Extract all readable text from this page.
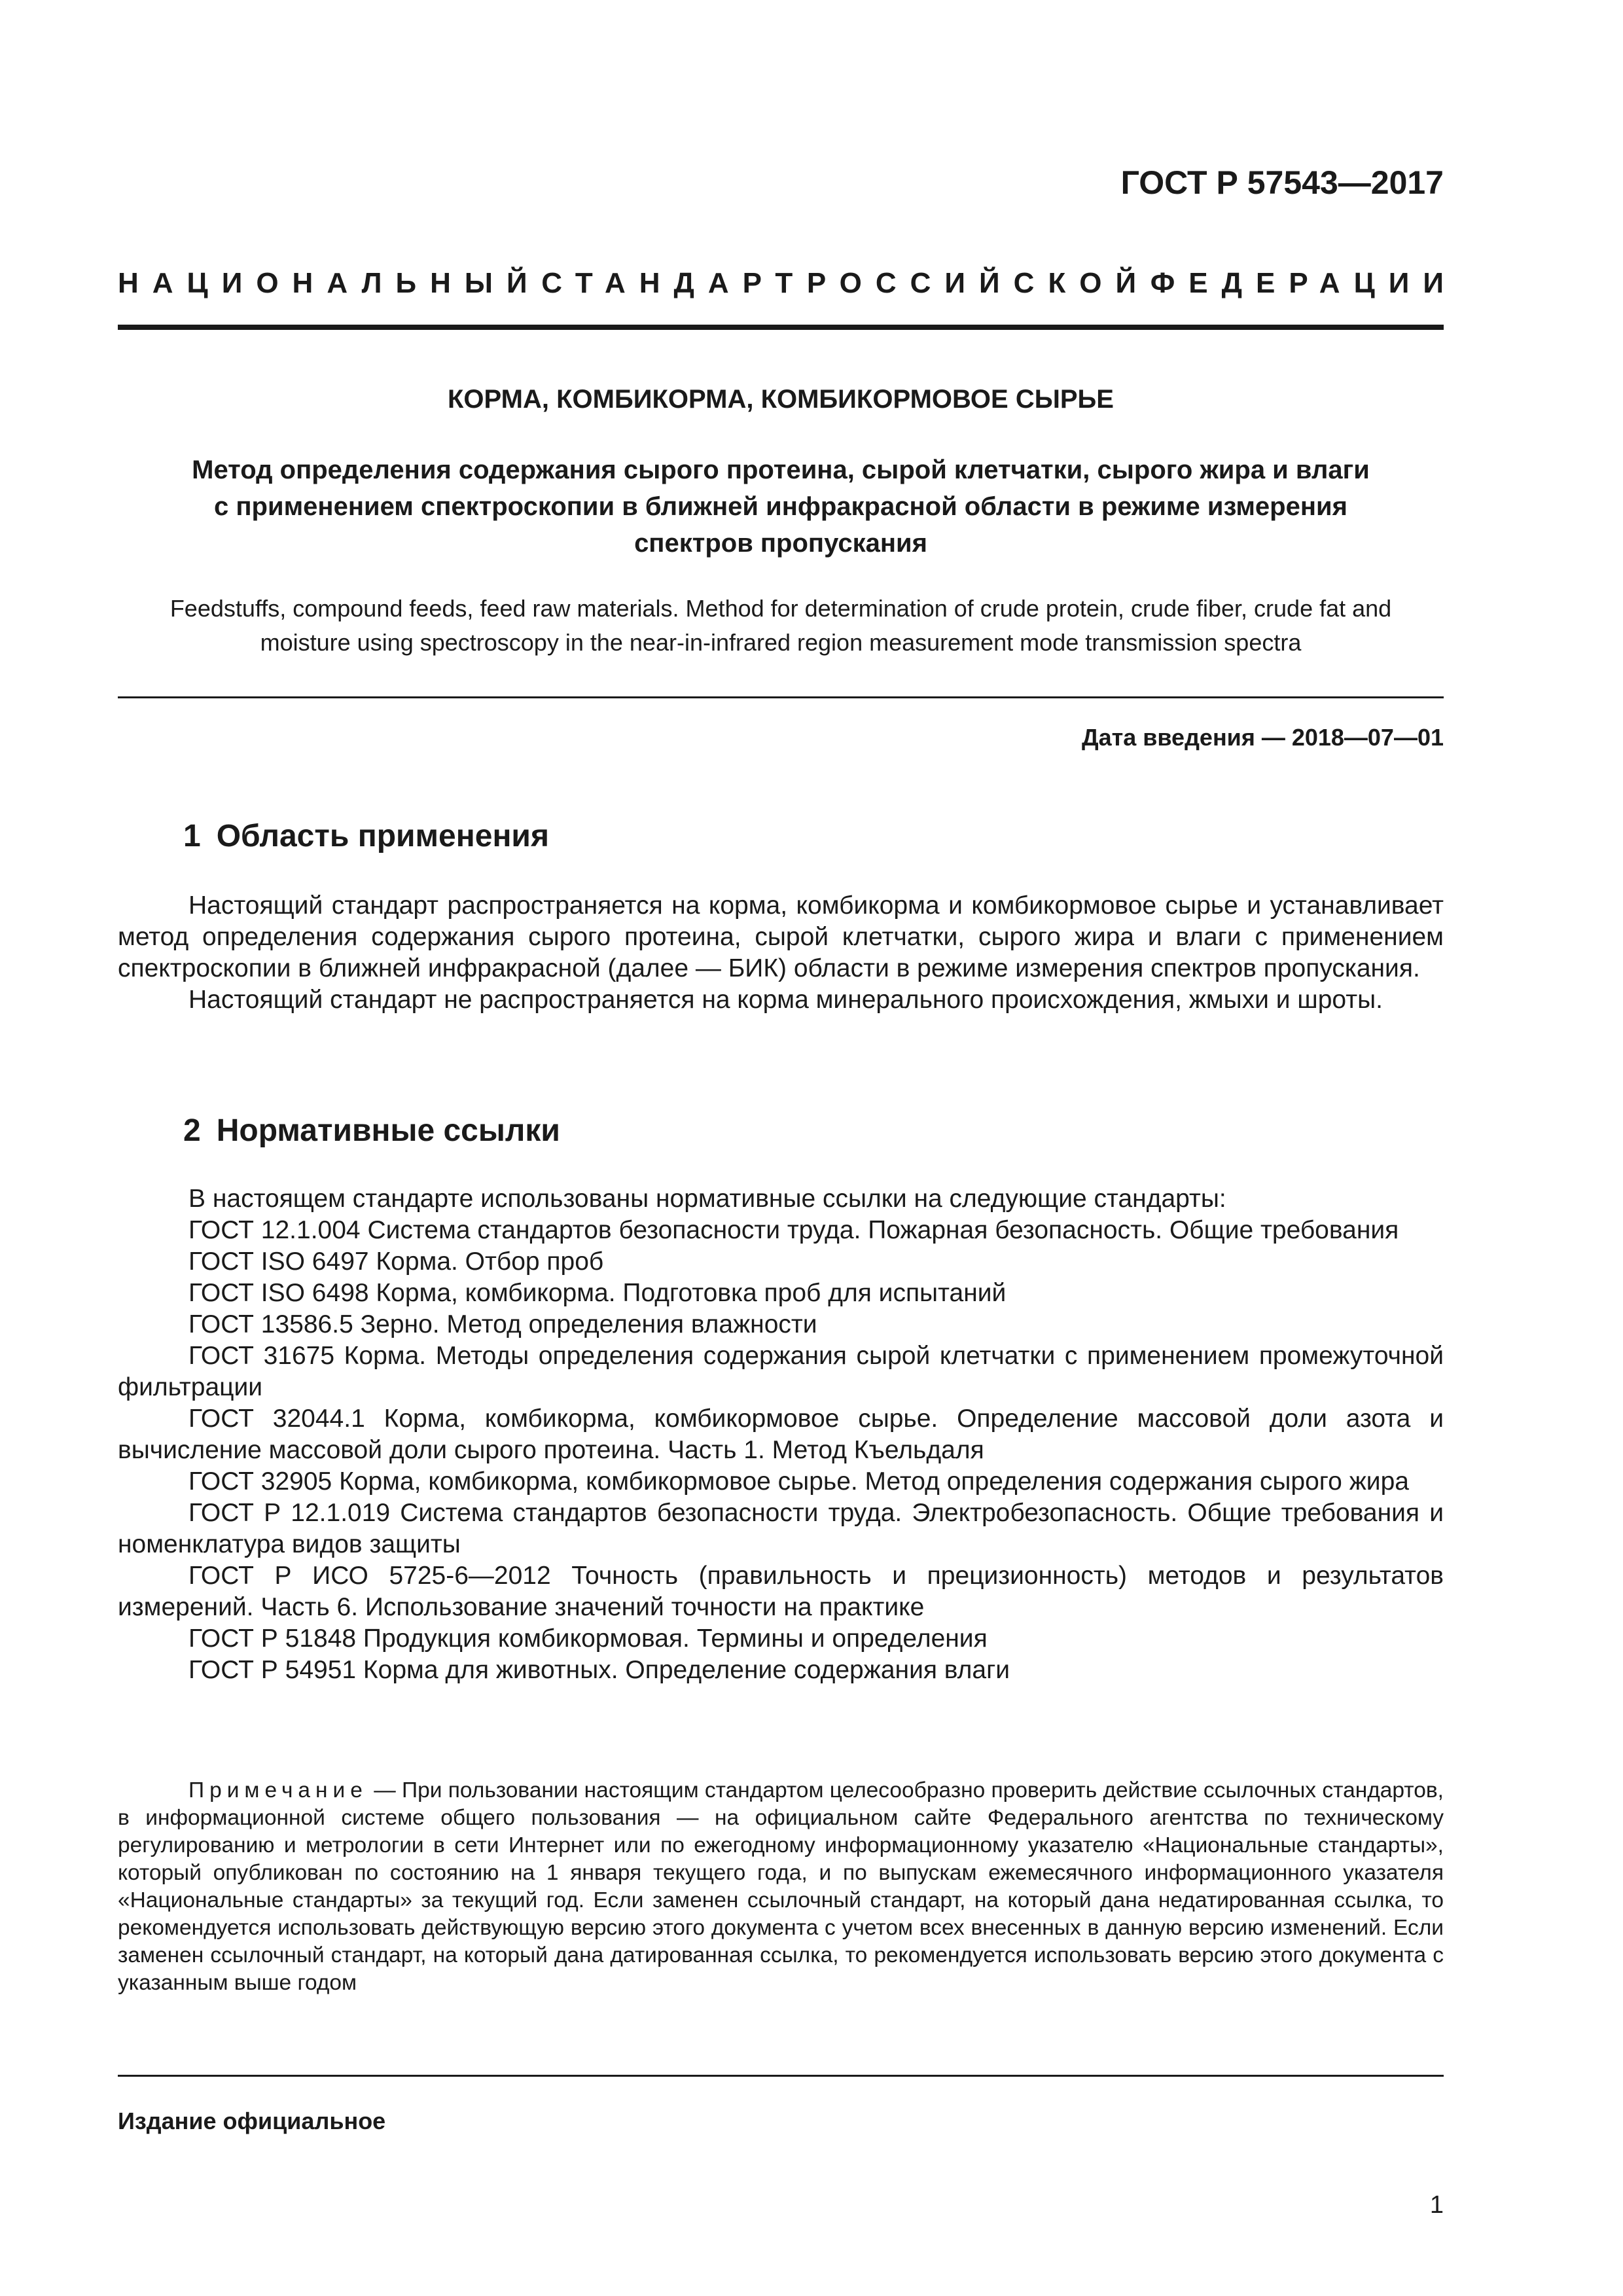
ГОСТ Р 57543—2017
НАЦИОНАЛЬНЫЙ СТАНДАРТ РОССИЙСКОЙ ФЕДЕРАЦИИ
КОРМА, КОМБИКОРМА, КОМБИКОРМОВОЕ СЫРЬЕ
Метод определения содержания сырого протеина, сырой клетчатки, сырого жира и влаги
с применением спектроскопии в ближней инфракрасной области в режиме измерения
спектров пропускания
Feedstuffs, compound feeds, feed raw materials. Method for determination of crude protein, crude fiber, crude fat and
moisture using spectroscopy in the near-in-infrared region measurement mode transmission spectra
Дата введения — 2018—07—01
1 Область применения

Настоящий стандарт распространяется на корма, комбикорма и комбикормовое сырье и устанавливает метод определения содержания сырого протеина, сырой клетчатки, сырого жира и влаги с применением спектроскопии в ближней инфракрасной (далее — БИК) области в режиме измерения спектров пропускания.

Настоящий стандарт не распространяется на корма минерального происхождения, жмыхи и шроты.

2 Нормативные ссылки

В настоящем стандарте использованы нормативные ссылки на следующие стандарты:

ГОСТ 12.1.004 Система стандартов безопасности труда. Пожарная безопасность. Общие требования

ГОСТ ISO 6497 Корма. Отбор проб

ГОСТ ISO 6498 Корма, комбикорма. Подготовка проб для испытаний

ГОСТ 13586.5 Зерно. Метод определения влажности

ГОСТ 31675 Корма. Методы определения содержания сырой клетчатки с применением промежуточной фильтрации

ГОСТ 32044.1 Корма, комбикорма, комбикормовое сырье. Определение массовой доли азота и вычисление массовой доли сырого протеина. Часть 1. Метод Къельдаля

ГОСТ 32905 Корма, комбикорма, комбикормовое сырье. Метод определения содержания сырого жира

ГОСТ Р 12.1.019 Система стандартов безопасности труда. Электробезопасность. Общие требования и номенклатура видов защиты

ГОСТ Р ИСО 5725-6—2012 Точность (правильность и прецизионность) методов и результатов измерений. Часть 6. Использование значений точности на практике

ГОСТ Р 51848 Продукция комбикормовая. Термины и определения

ГОСТ Р 54951 Корма для животных. Определение содержания влаги

Примечание — При пользовании настоящим стандартом целесообразно проверить действие ссылочных стандартов, в информационной системе общего пользования — на официальном сайте Федерального агентства по техническому регулированию и метрологии в сети Интернет или по ежегодному информационному указателю «Национальные стандарты», который опубликован по состоянию на 1 января текущего года, и по выпускам ежемесячного информационного указателя «Национальные стандарты» за текущий год. Если заменен ссылочный стандарт, на который дана недатированная ссылка, то рекомендуется использовать действующую версию этого документа с учетом всех внесенных в данную версию изменений. Если заменен ссылочный стандарт, на который дана датированная ссылка, то рекомендуется использовать версию этого документа с указанным выше годом

Издание официальное
1
